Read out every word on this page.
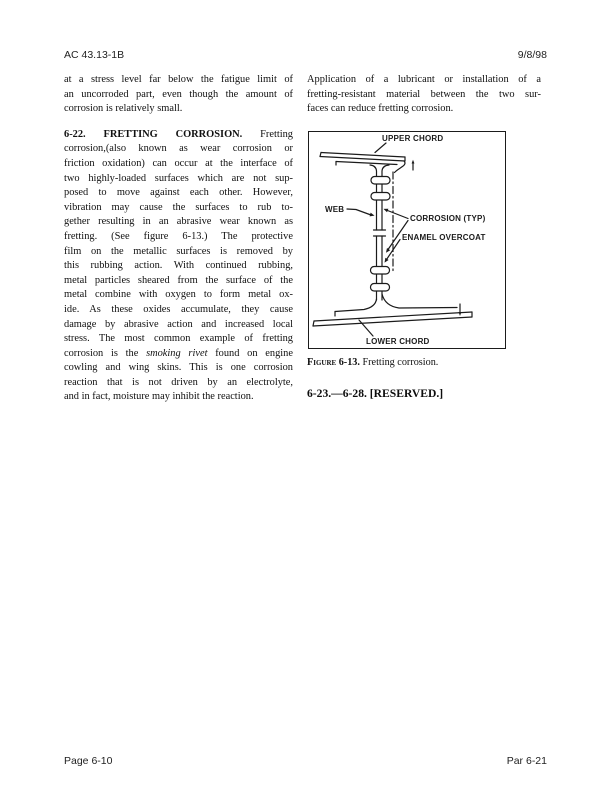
AC 43.13-1B	9/8/98
at a stress level far below the fatigue limit of
an uncorroded part, even though the amount of
corrosion is relatively small.
6-22. FRETTING CORROSION. Fretting
corrosion,(also known as wear corrosion or
friction oxidation) can occur at the interface of
two highly-loaded surfaces which are not sup-
posed to move against each other. However,
vibration may cause the surfaces to rub to-
gether resulting in an abrasive wear known as
fretting. (See figure 6-13.) The protective
film on the metallic surfaces is removed by
this rubbing action. With continued rubbing,
metal particles sheared from the surface of the
metal combine with oxygen to form metal ox-
ide. As these oxides accumulate, they cause
damage by abrasive action and increased local
stress. The most common example of fretting
corrosion is the smoking rivet found on engine
cowling and wing skins. This is one corrosion
reaction that is not driven by an electrolyte,
and in fact, moisture may inhibit the reaction.
Application of a lubricant or installation of a
fretting-resistant material between the two sur-
faces can reduce fretting corrosion.
UPPER CHORD
WEB
CORROSION (TYP)
ENAMEL OVERCOAT
LOWER CHORD
Figure 6-13. Fretting corrosion.
6-23.—6-28. [RESERVED.]
Page 6-10	Par 6-21
